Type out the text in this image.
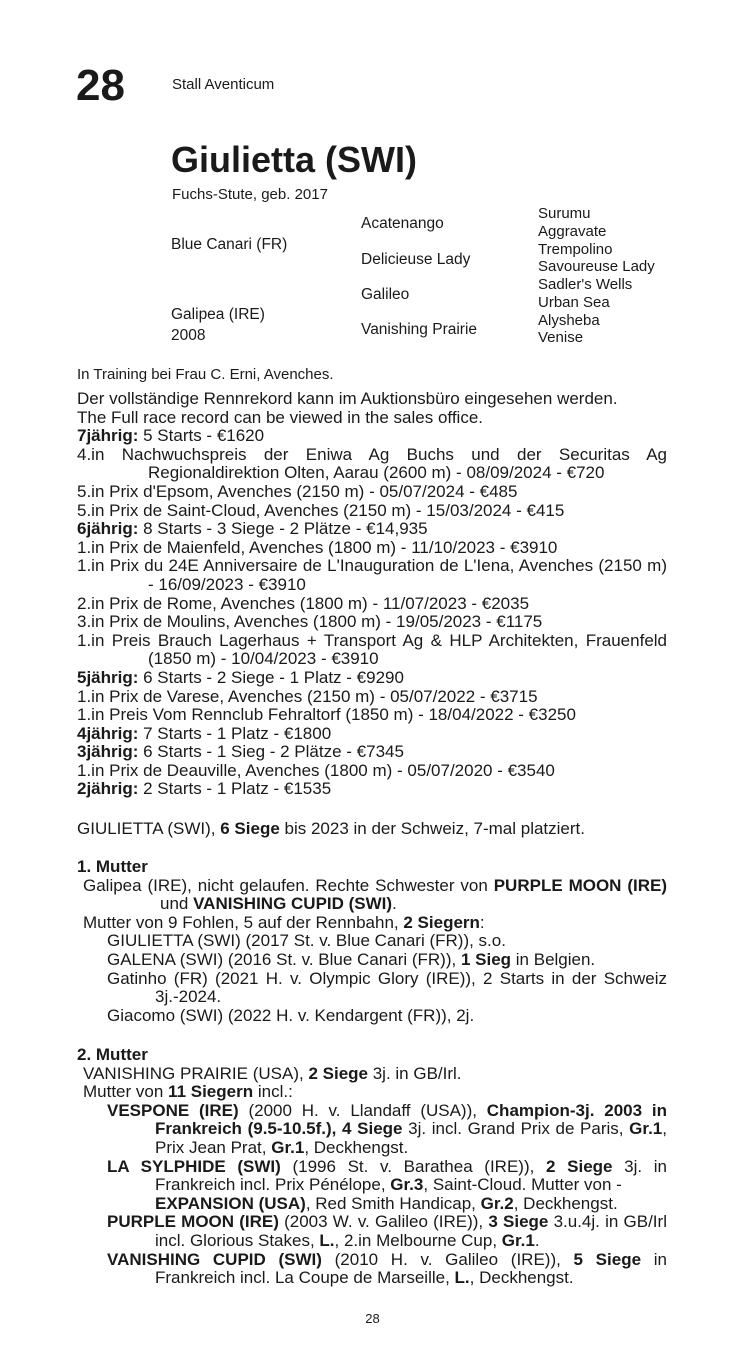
28	Stall Aventicum
Giulietta (SWI)
Fuchs-Stute, geb. 2017
Blue Canari (FR)
Galipea (IRE)
2008
Acatenango
Delicieuse Lady
Galileo
Vanishing Prairie
Surumu
Aggravate
Trempolino
Savoureuse Lady
Sadler's Wells
Urban Sea
Alysheba
Venise
In Training bei Frau C. Erni, Avenches.
Der vollständige Rennrekord kann im Auktionsbüro eingesehen werden.
The Full race record can be viewed in the sales office.
7jährig: 5 Starts - €1620
4.in Nachwuchspreis der Eniwa Ag Buchs und der Securitas Ag Regionaldirektion Olten, Aarau (2600 m) - 08/09/2024 - €720
5.in Prix d'Epsom, Avenches (2150 m) - 05/07/2024 - €485
5.in Prix de Saint-Cloud, Avenches (2150 m) - 15/03/2024 - €415
6jährig: 8 Starts - 3 Siege - 2 Plätze - €14,935
1.in Prix de Maienfeld, Avenches (1800 m) - 11/10/2023 - €3910
1.in Prix du 24E Anniversaire de L'Inauguration de L'Iena, Avenches (2150 m) - 16/09/2023 - €3910
2.in Prix de Rome, Avenches (1800 m) - 11/07/2023 - €2035
3.in Prix de Moulins, Avenches (1800 m) - 19/05/2023 - €1175
1.in Preis Brauch Lagerhaus + Transport Ag & HLP Architekten, Frauenfeld (1850 m) - 10/04/2023 - €3910
5jährig: 6 Starts - 2 Siege - 1 Platz - €9290
1.in Prix de Varese, Avenches (2150 m) - 05/07/2022 - €3715
1.in Preis Vom Rennclub Fehraltorf (1850 m) - 18/04/2022 - €3250
4jährig: 7 Starts - 1 Platz - €1800
3jährig: 6 Starts - 1 Sieg - 2 Plätze - €7345
1.in Prix de Deauville, Avenches (1800 m) - 05/07/2020 - €3540
2jährig: 2 Starts - 1 Platz - €1535
GIULIETTA (SWI), 6 Siege bis 2023 in der Schweiz, 7-mal platziert.
1. Mutter
Galipea (IRE), nicht gelaufen. Rechte Schwester von PURPLE MOON (IRE) und VANISHING CUPID (SWI).
Mutter von 9 Fohlen, 5 auf der Rennbahn, 2 Siegern:
GIULIETTA (SWI) (2017 St. v. Blue Canari (FR)), s.o.
GALENA (SWI) (2016 St. v. Blue Canari (FR)), 1 Sieg in Belgien.
Gatinho (FR) (2021 H. v. Olympic Glory (IRE)), 2 Starts in der Schweiz 3j.-2024.
Giacomo (SWI) (2022 H. v. Kendargent (FR)), 2j.
2. Mutter
VANISHING PRAIRIE (USA), 2 Siege 3j. in GB/Irl.
Mutter von 11 Siegern incl.:
VESPONE (IRE) (2000 H. v. Llandaff (USA)), Champion-3j. 2003 in Frankreich (9.5-10.5f.), 4 Siege 3j. incl. Grand Prix de Paris, Gr.1, Prix Jean Prat, Gr.1, Deckhengst.
LA SYLPHIDE (SWI) (1996 St. v. Barathea (IRE)), 2 Siege 3j. in Frankreich incl. Prix Pénélope, Gr.3, Saint-Cloud. Mutter von -
EXPANSION (USA), Red Smith Handicap, Gr.2, Deckhengst.
PURPLE MOON (IRE) (2003 W. v. Galileo (IRE)), 3 Siege 3.u.4j. in GB/Irl incl. Glorious Stakes, L., 2.in Melbourne Cup, Gr.1.
VANISHING CUPID (SWI) (2010 H. v. Galileo (IRE)), 5 Siege in Frankreich incl. La Coupe de Marseille, L., Deckhengst.
28
